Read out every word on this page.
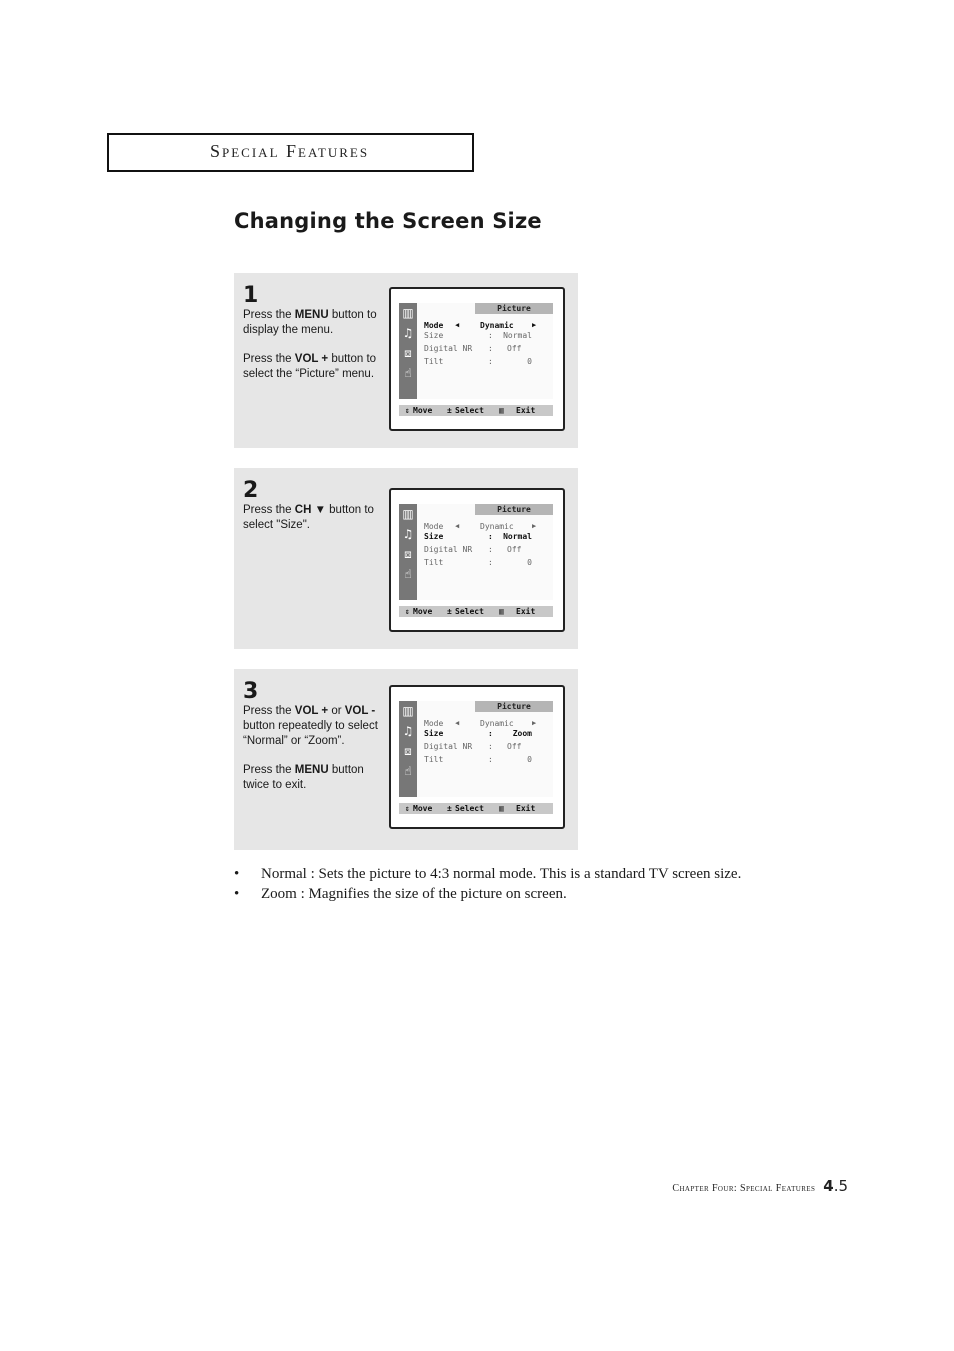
Special Features
Changing the Screen Size
1

Press the MENU button to display the menu.

Press the VOL + button to select the “Picture” menu.

▥
♫
⧈
☝
Picture
Mode ◀	Dynamic	▶
Size	: Normal
Digital NR : Off
Tilt	:	0
⇕ Move ± Select ▥ Exit
2

Press the CH ▼ button to select "Size".

▥
♫
⧈
☝
Picture
Mode ◀	Dynamic	▶
Size	: Normal
Digital NR : Off
Tilt	:	0
⇕ Move ± Select ▥ Exit
3

Press the VOL + or VOL - button repeatedly to select “Normal” or “Zoom”.

Press the MENU button twice to exit.

▥
♫
⧈
☝
Picture
Mode ◀	Dynamic	▶
Size	: Zoom
Digital NR : Off
Tilt	:	0
⇕ Move ± Select ▥ Exit
• Normal : Sets the picture to 4:3 normal mode. This is a standard TV screen size.
• Zoom : Magnifies the size of the picture on screen.
Chapter Four: Special Features 4.5
